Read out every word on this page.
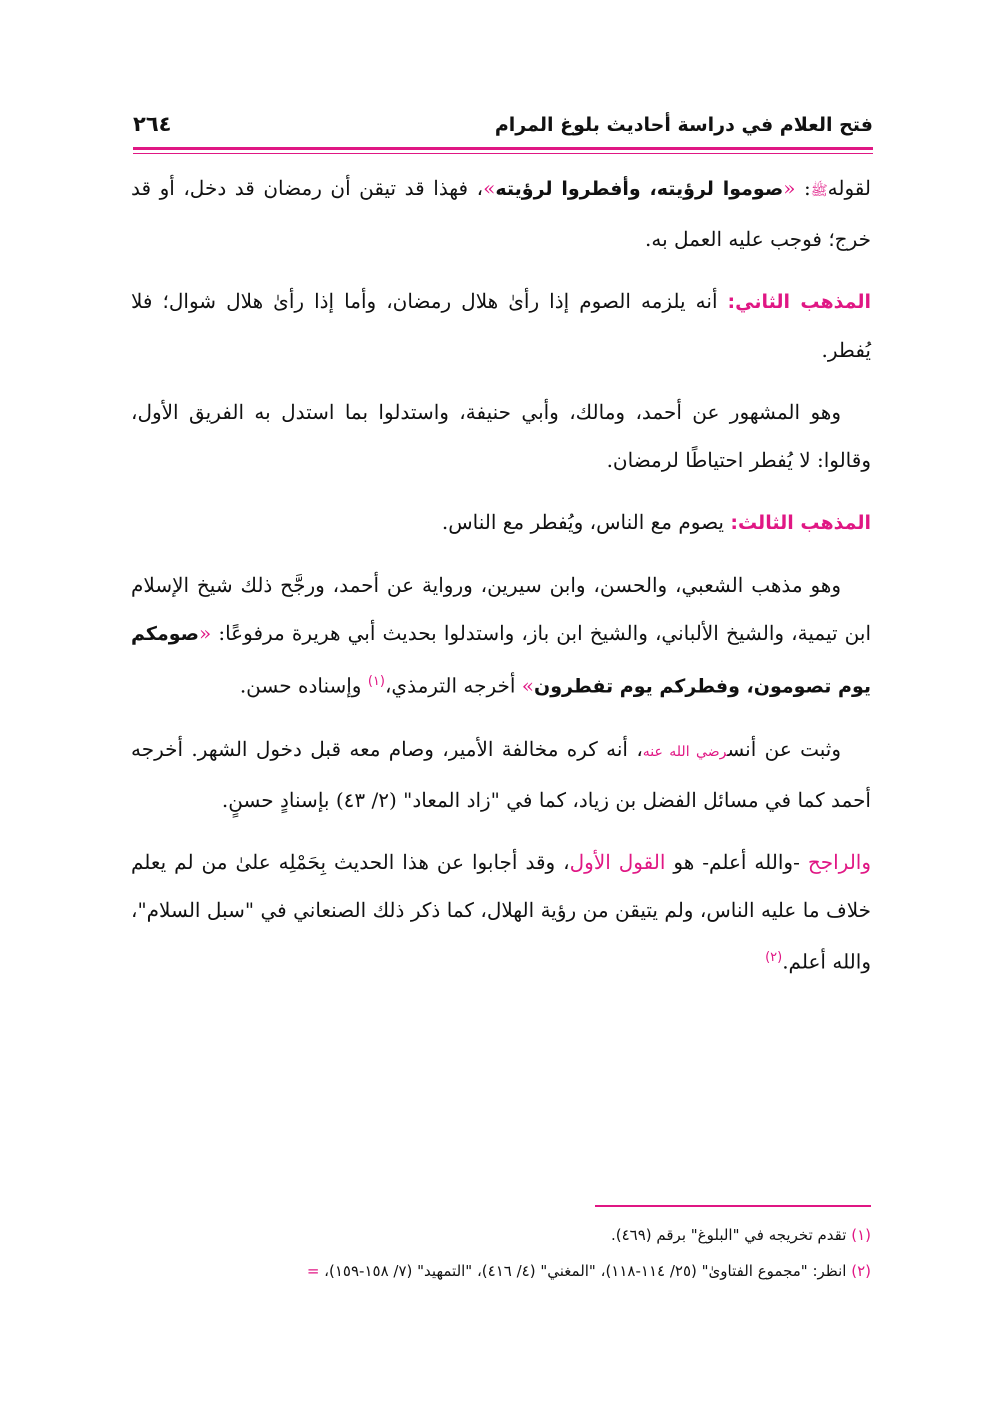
فتح العلام في دراسة أحاديث بلوغ المرام
٢٦٤

لقولهﷺ: «صوموا لرؤيته، وأفطروا لرؤيته»، فهذا قد تيقن أن رمضان قد دخل، أو قد خرج؛ فوجب عليه العمل به.

المذهب الثاني: أنه يلزمه الصوم إذا رأىٰ هلال رمضان، وأما إذا رأىٰ هلال شوال؛ فلا يُفطر.

وهو المشهور عن أحمد، ومالك، وأبي حنيفة، واستدلوا بما استدل به الفريق الأول، وقالوا: لا يُفطر احتياطًا لرمضان.

المذهب الثالث: يصوم مع الناس، ويُفطر مع الناس.

وهو مذهب الشعبي، والحسن، وابن سيرين، ورواية عن أحمد، ورجَّح ذلك شيخ الإسلام ابن تيمية، والشيخ الألباني، والشيخ ابن باز، واستدلوا بحديث أبي هريرة مرفوعًا: «صومكم يوم تصومون، وفطركم يوم تفطرون» أخرجه الترمذي،$^{(١)}$ وإسناده حسن.

وثبت عن أنسرضي الله عنه، أنه كره مخالفة الأمير، وصام معه قبل دخول الشهر. أخرجه أحمد كما في مسائل الفضل بن زياد، كما في "زاد المعاد" (٢/ ٤٣) بإسنادٍ حسنٍ.

والراجح -والله أعلم- هو القول الأول، وقد أجابوا عن هذا الحديث بِحَمْلِه علىٰ من لم يعلم خلاف ما عليه الناس، ولم يتيقن من رؤية الهلال، كما ذكر ذلك الصنعاني في "سبل السلام"، والله أعلم.$^{(٢)}$

(١) تقدم تخريجه في "البلوغ" برقم (٤٦٩).

(٢) انظر: "مجموع الفتاوىٰ" (٢٥/ ١١٤-١١٨)، "المغني" (٤/ ٤١٦)، "التمهيد" (٧/ ١٥٨-١٥٩)، =
